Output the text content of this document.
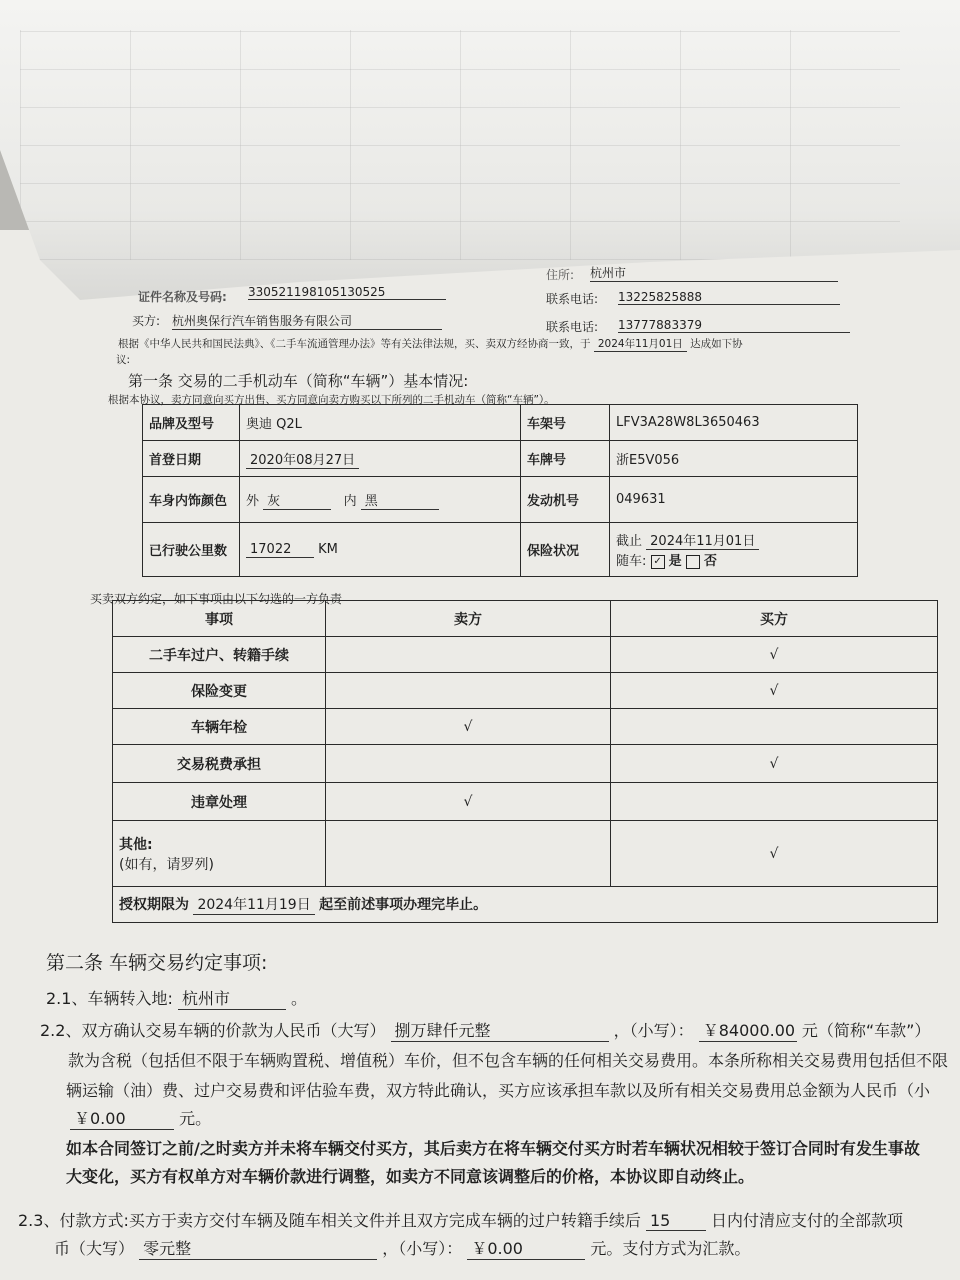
证件名称及号码: 330521198105130525
住所: 杭州市
联系电话: 13225825888
买方: 杭州奥保行汽车销售服务有限公司	联系电话: 13777883379
根据《中华人民共和国民法典》、《二手车流通管理办法》等有关法律法规，买、卖双方经协商一致，于 2024年11月01日 达成如下协
议:
第一条 交易的二手机动车（简称“车辆”）基本情况:
根据本协议，卖方同意向买方出售、买方同意向卖方购买以下所列的二手机动车（简称“车辆”）。
品牌及型号	奥迪 Q2L	车架号	LFV3A28W8L3650463
首登日期	2020年08月27日	车牌号	浙E5V056
车身内饰颜色	外 灰 内 黑	发动机号	049631
已行驶公里数	17022 KM	保险状况	截止 2024年11月01日
随车: ✓ 是 否
买卖双方约定，如下事项由以下勾选的一方负责
事项	卖方	买方
二手车过户、转籍手续		√
保险变更		√
车辆年检	√	
交易税费承担		√
违章处理	√	

其他:
(如有，请罗列)		√
授权期限为 2024年11月19日 起至前述事项办理完毕止。		
第二条 车辆交易约定事项:
2.1、车辆转入地: 杭州市	。
2.2、双方确认交易车辆的价款为人民币（大写） 捌万肆仟元整	，（小写）： ￥84000.00 元（简称“车款”）
款为含税（包括但不限于车辆购置税、增值税）车价，但不包含车辆的任何相关交易费用。本条所称相关交易费用包括但不限
辆运输（油）费、过户交易费和评估验车费，双方特此确认，买方应该承担车款以及所有相关交易费用总金额为人民币（小
￥0.00	元。
如本合同签订之前/之时卖方并未将车辆交付买方，其后卖方在将车辆交付买方时若车辆状况相较于签订合同时有发生事故
大变化，买方有权单方对车辆价款进行调整，如卖方不同意该调整后的价格，本协议即自动终止。
2.3、付款方式:买方于卖方交付车辆及随车相关文件并且双方完成车辆的过户转籍手续后 15	日内付清应支付的全部款项
币（大写） 零元整	，（小写）： ￥0.00	元。支付方式为汇款。
